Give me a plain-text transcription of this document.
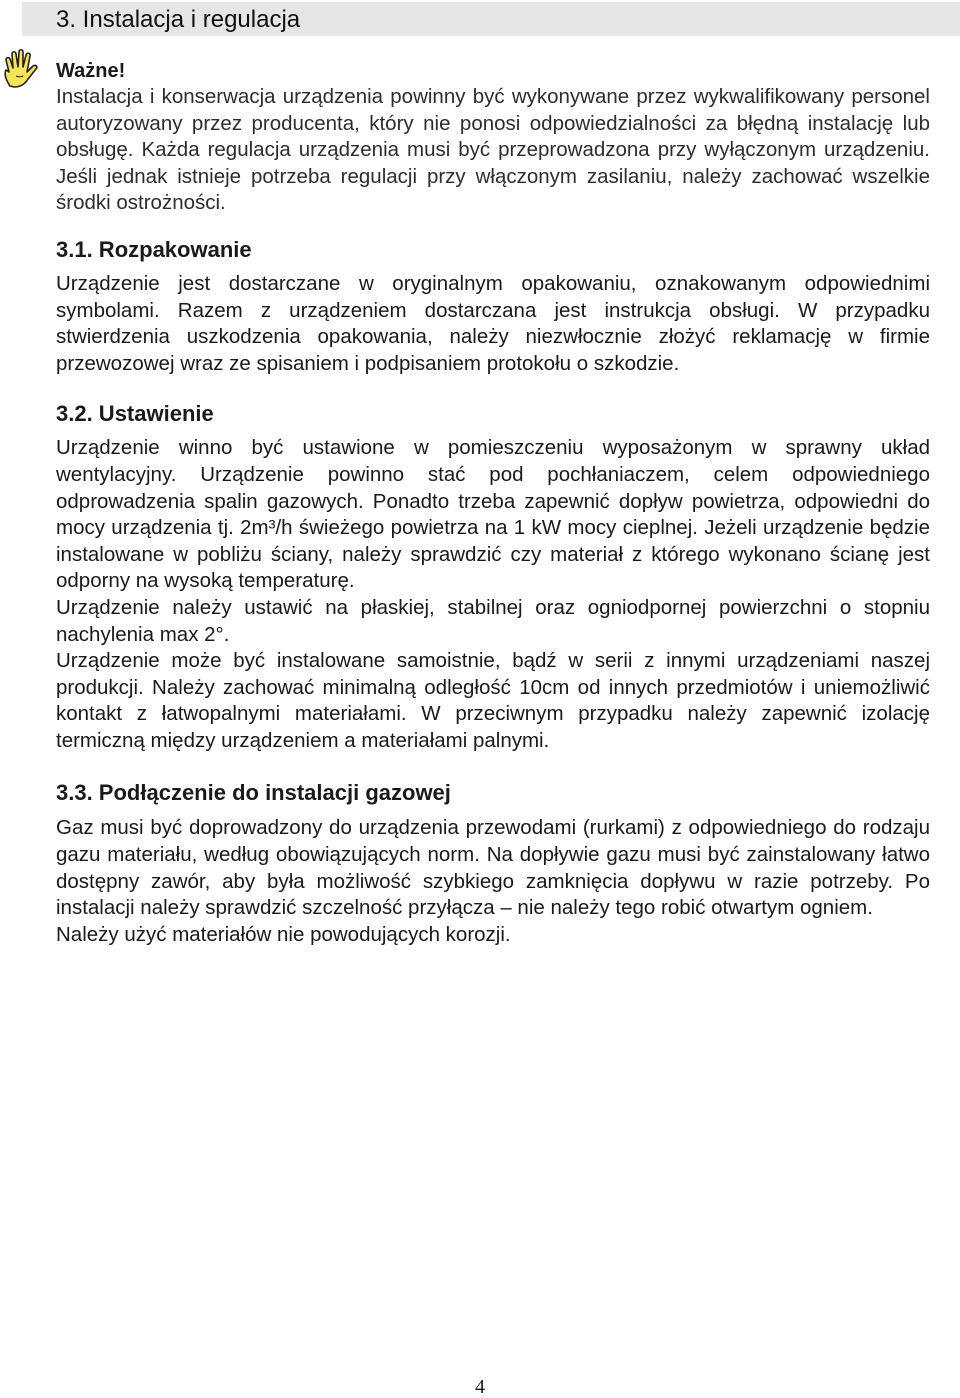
3. Instalacja i regulacja

Ważne!

Instalacja i konserwacja urządzenia powinny być wykonywane przez wykwalifikowany personel autoryzowany przez producenta, który nie ponosi odpowiedzialności za błędną instalację lub obsługę. Każda regulacja urządzenia musi być przeprowadzona przy wyłączonym urządzeniu. Jeśli jednak istnieje potrzeba regulacji przy włączonym zasilaniu, należy zachować wszelkie środki ostrożności.

3.1. Rozpakowanie

Urządzenie jest dostarczane w oryginalnym opakowaniu, oznakowanym odpowiednimi symbolami. Razem z urządzeniem dostarczana jest instrukcja obsługi. W przypadku stwierdzenia uszkodzenia opakowania, należy niezwłocznie złożyć reklamację w firmie przewozowej wraz ze spisaniem i podpisaniem protokołu o szkodzie.

3.2. Ustawienie

Urządzenie winno być ustawione w pomieszczeniu wyposażonym w sprawny układ wentylacyjny. Urządzenie powinno stać pod pochłaniaczem, celem odpowiedniego odprowadzenia spalin gazowych. Ponadto trzeba zapewnić dopływ powietrza, odpowiedni do mocy urządzenia tj. 2m³/h świeżego powietrza na 1 kW mocy cieplnej. Jeżeli urządzenie będzie instalowane w pobliżu ściany, należy sprawdzić czy materiał z którego wykonano ścianę jest odporny na wysoką temperaturę.

Urządzenie należy ustawić na płaskiej, stabilnej oraz ogniodpornej powierzchni o stopniu nachylenia max 2°.

Urządzenie może być instalowane samoistnie, bądź w serii z innymi urządzeniami naszej produkcji. Należy zachować minimalną odległość 10cm od innych przedmiotów i uniemożliwić kontakt z łatwopalnymi materiałami. W przeciwnym przypadku należy zapewnić izolację termiczną między urządzeniem a materiałami palnymi.

3.3. Podłączenie do instalacji gazowej

Gaz musi być doprowadzony do urządzenia przewodami (rurkami) z odpowiedniego do rodzaju gazu materiału, według obowiązujących norm. Na dopływie gazu musi być zainstalowany łatwo dostępny zawór, aby była możliwość szybkiego zamknięcia dopływu w razie potrzeby. Po instalacji należy sprawdzić szczelność przyłącza – nie należy tego robić otwartym ogniem.

Należy użyć materiałów nie powodujących korozji.

4
